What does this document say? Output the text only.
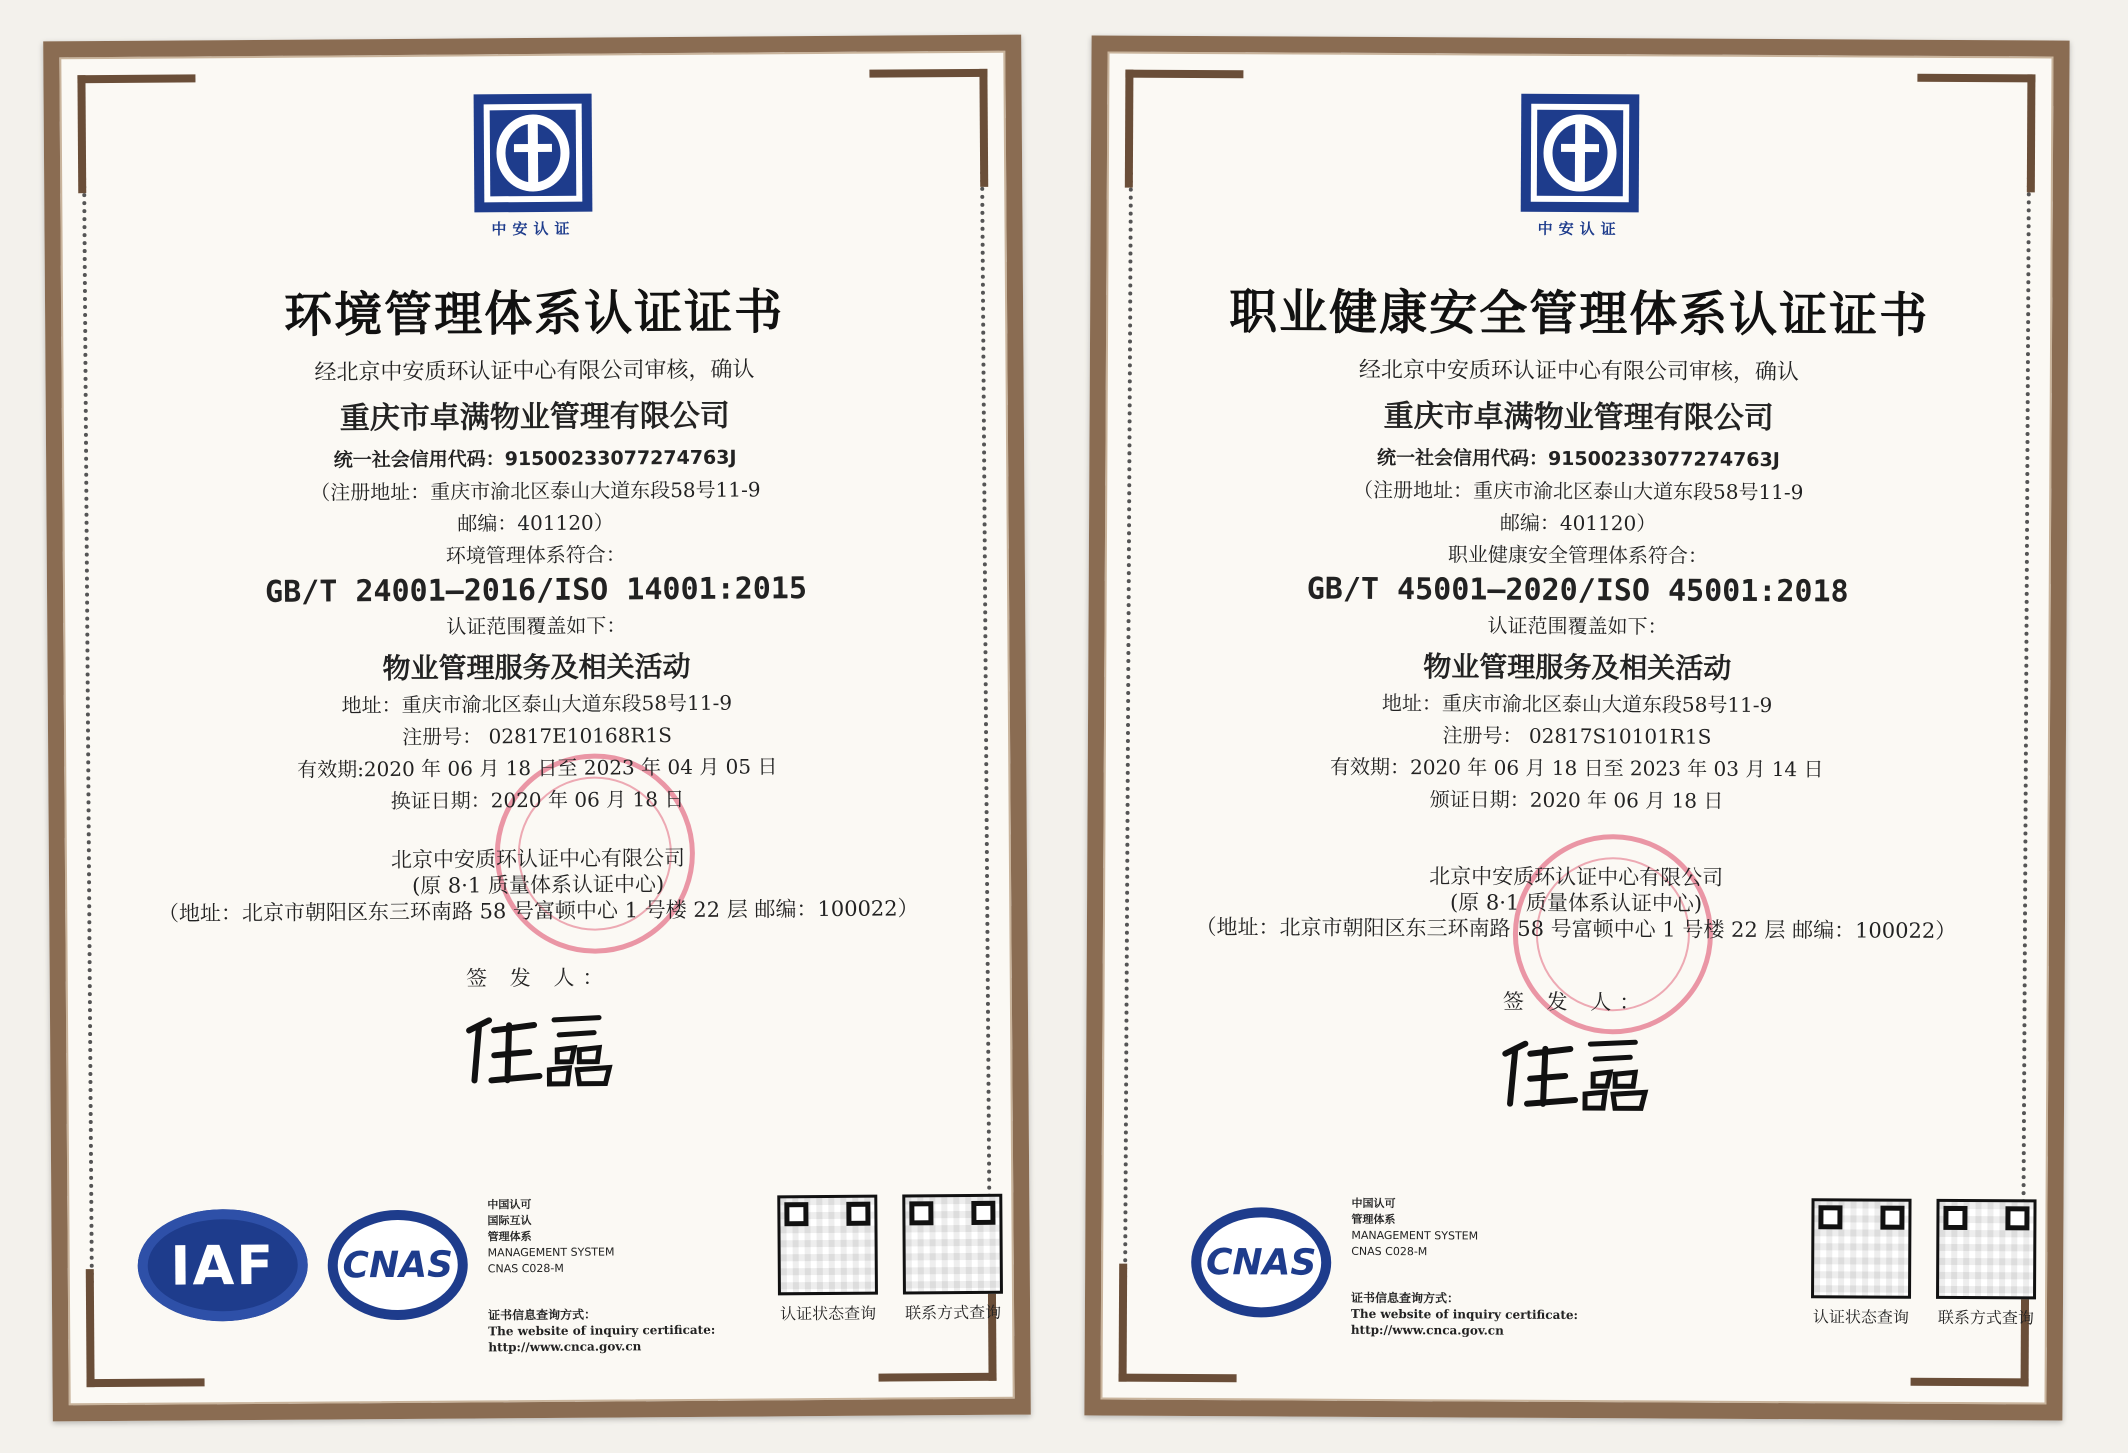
中安认证
环境管理体系认证证书
经北京中安质环认证中心有限公司审核，确认
重庆市卓满物业管理有限公司
统一社会信用代码：91500233077274763J
（注册地址：重庆市渝北区泰山大道东段58号11-9
邮编：401120）
环境管理体系符合：
GB/T 24001—2016/ISO 14001:2015
认证范围覆盖如下：
物业管理服务及相关活动
地址：重庆市渝北区泰山大道东段58号11-9
注册号： 02817E10168R1S
有效期:2020 年 06 月 18 日至 2023 年 04 月 05 日
换证日期：2020 年 06 月 18 日
北京中安质环认证中心有限公司
(原 8·1 质量体系认证中心)
（地址：北京市朝阳区东三环南路 58 号富顿中心 1 号楼 22 层 邮编：100022）
签 发 人：
IAF	CNAS
中国认可
国际互认
管理体系
MANAGEMENT SYSTEM
CNAS C028-M
证书信息查询方式：
The website of inquiry certificate:
http://www.cnca.gov.cn
认证状态查询 联系方式查询
中安认证
职业健康安全管理体系认证证书
经北京中安质环认证中心有限公司审核，确认
重庆市卓满物业管理有限公司
统一社会信用代码：91500233077274763J
（注册地址：重庆市渝北区泰山大道东段58号11-9
邮编：401120）
职业健康安全管理体系符合：
GB/T 45001—2020/ISO 45001:2018
认证范围覆盖如下：
物业管理服务及相关活动
地址：重庆市渝北区泰山大道东段58号11-9
注册号： 02817S10101R1S
有效期：2020 年 06 月 18 日至 2023 年 03 月 14 日
颁证日期：2020 年 06 月 18 日
北京中安质环认证中心有限公司
(原 8·1 质量体系认证中心)
（地址：北京市朝阳区东三环南路 58 号富顿中心 1 号楼 22 层 邮编：100022）
签 发 人：
CNAS
中国认可
管理体系
MANAGEMENT SYSTEM
CNAS C028-M
证书信息查询方式：
The website of inquiry certificate:
http://www.cnca.gov.cn
认证状态查询 联系方式查询
